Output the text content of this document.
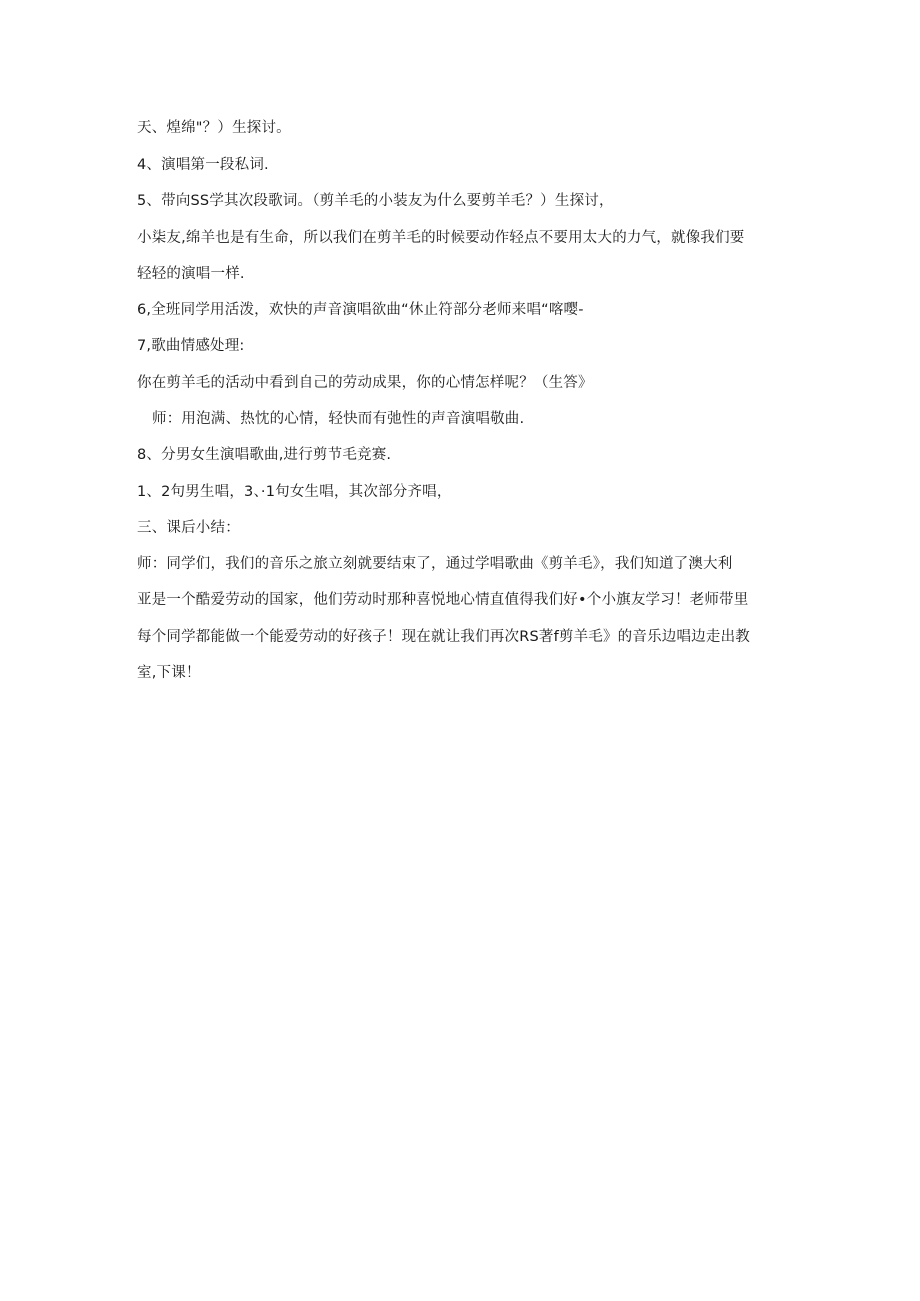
天、煌绵"？）生探讨。
4、演唱第一段私词.
5、带向SS学其次段歌词。（剪羊毛的小装友为什么要剪羊毛？）生探讨，
小柒友,绵羊也是有生命，所以我们在剪羊毛的时候要动作轻点不要用太大的力气，就像我们要
轻轻的演唱一样.
6,全班同学用活泼，欢快的声音演唱欲曲“休止符部分老师来唱“喀嘤-
7,歌曲情感处理:
你在剪羊毛的活动中看到自己的劳动成果，你的心情怎样呢？（生答》
师：用泡满、热忱的心情，轻快而有弛性的声音演唱敬曲.
8、分男女生演唱歌曲,进行剪节毛竞赛.
1、2句男生唱，3、·1句女生唱，其次部分齐唱，
三、课后小结：
师：同学们，我们的音乐之旅立刻就要结束了，通过学唱歌曲《剪羊毛》，我们知道了澳大利
亚是一个酷爱劳动的国家，他们劳动时那种喜悦地心情直值得我们好•个小旗友学习！老师带里
每个同学都能做一个能爱劳动的好孩子！现在就让我们再次RS著f剪羊毛》的音乐边唱边走出教
室,下课！
